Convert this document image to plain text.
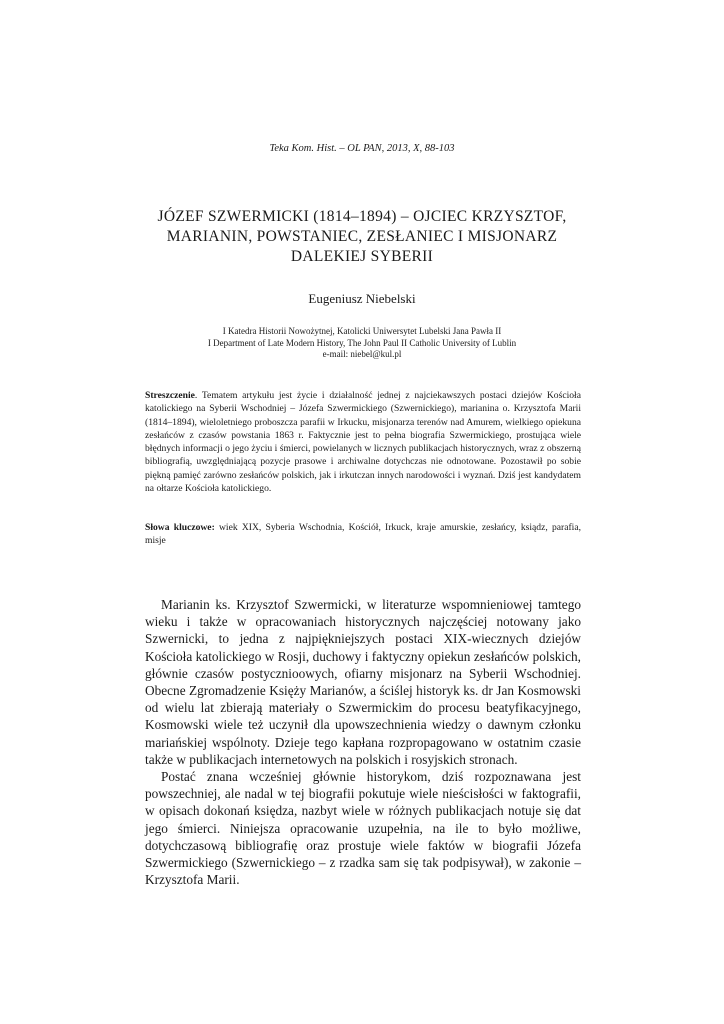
Teka Kom. Hist. – OL PAN, 2013, X, 88-103
JÓZEF SZWERMICKI (1814–1894) – OJCIEC KRZYSZTOF,
MARIANIN, POWSTANIEC, ZESŁANIEC I MISJONARZ
DALEKIEJ SYBERII
Eugeniusz Niebelski
I Katedra Historii Nowożytnej, Katolicki Uniwersytet Lubelski Jana Pawła II
I Department of Late Modern History, The John Paul II Catholic University of Lublin
e-mail: niebel@kul.pl

Streszczenie. Tematem artykułu jest życie i działalność jednej z najciekawszych postaci dziejów Kościoła katolickiego na Syberii Wschodniej – Józefa Szwermickiego (Szwernickiego), marianina o. Krzysztofa Marii (1814–1894), wieloletniego proboszcza parafii w Irkucku, misjonarza terenów nad Amurem, wielkiego opiekuna zesłańców z czasów powstania 1863 r. Faktycznie jest to pełna biografia Szwermickiego, prostująca wiele błędnych informacji o jego życiu i śmierci, powielanych w licznych publikacjach historycznych, wraz z obszerną bibliografią, uwzględniającą pozycje prasowe i archiwalne dotychczas nie odnotowane. Pozostawił po sobie piękną pamięć zarówno zesłańców polskich, jak i irkutczan innych narodowości i wyznań. Dziś jest kandydatem na ołtarze Kościoła katolickiego.

Słowa kluczowe: wiek XIX, Syberia Wschodnia, Kościół, Irkuck, kraje amurskie, zesłańcy, ksiądz, parafia, misje

Marianin ks. Krzysztof Szwermicki, w literaturze wspomnieniowej tamtego wieku i także w opracowaniach historycznych najczęściej notowany jako Szwernicki, to jedna z najpiękniejszych postaci XIX-wiecznych dziejów Kościoła katolickiego w Rosji, duchowy i faktyczny opiekun zesłańców polskich, głównie czasów postycznioowych, ofiarny misjonarz na Syberii Wschodniej. Obecne Zgromadzenie Księży Marianów, a ściślej historyk ks. dr Jan Kosmowski od wielu lat zbierają materiały o Szwermickim do procesu beatyfikacyjnego, Kosmowski wiele też uczynił dla upowszechnienia wiedzy o dawnym członku mariańskiej wspólnoty. Dzieje tego kapłana rozpropagowano w ostatnim czasie także w publikacjach internetowych na polskich i rosyjskich stronach.

Postać znana wcześniej głównie historykom, dziś rozpoznawana jest powszechniej, ale nadal w tej biografii pokutuje wiele nieścisłości w faktografii, w opisach dokonań księdza, nazbyt wiele w różnych publikacjach notuje się dat jego śmierci. Niniejsza opracowanie uzupełnia, na ile to było możliwe, dotychczasową bibliografię oraz prostuje wiele faktów w biografii Józefa Szwermickiego (Szwernickiego – z rzadka sam się tak podpisywał), w zakonie – Krzysztofa Marii.
